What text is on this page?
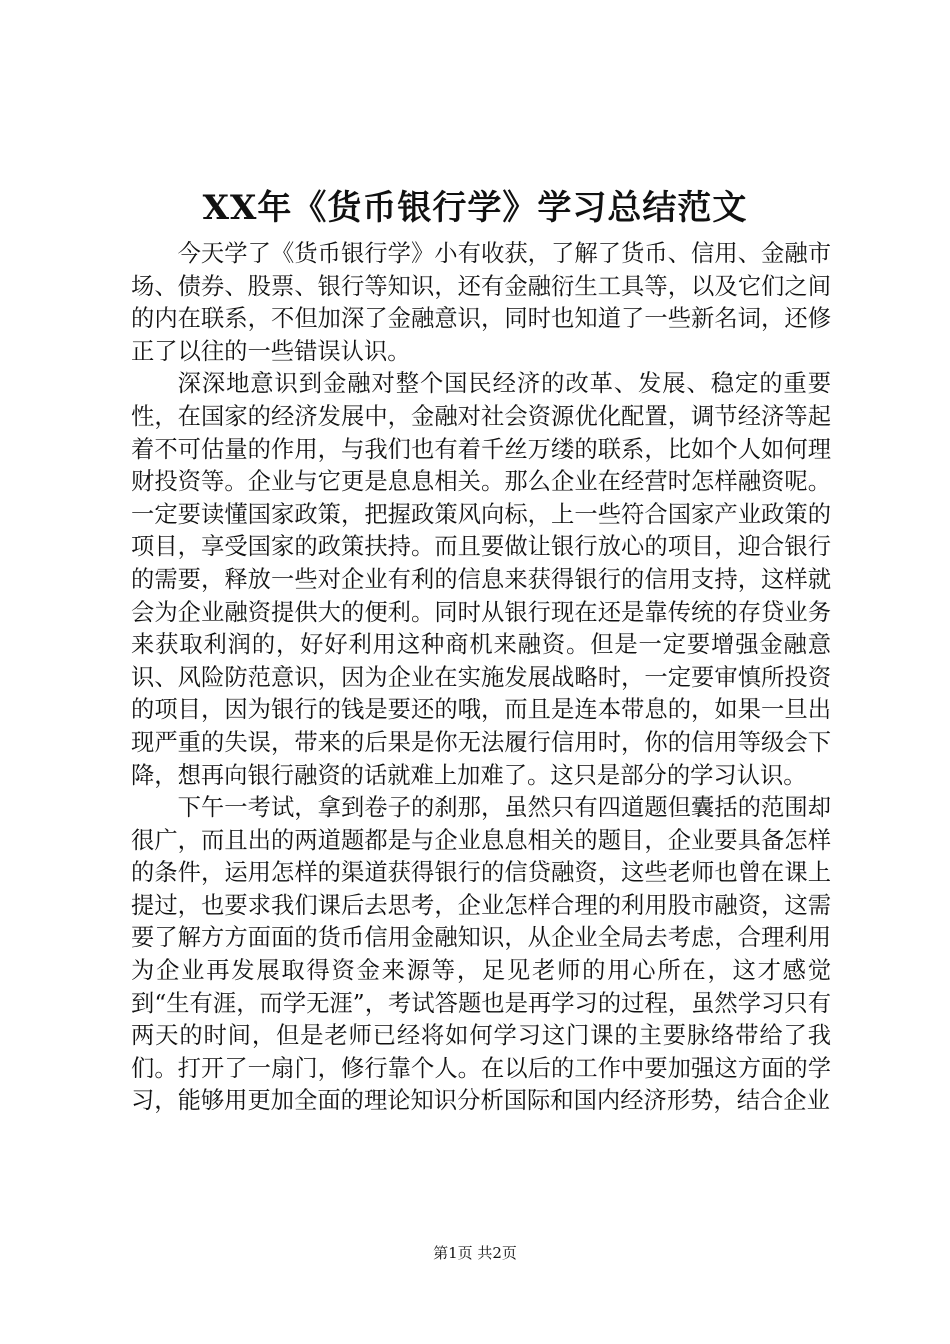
XX年《货币银行学》学习总结范文

今天学了《货币银行学》小有收获，了解了货币、信用、金融市场、债券、股票、银行等知识，还有金融衍生工具等，以及它们之间的内在联系，不但加深了金融意识，同时也知道了一些新名词，还修正了以往的一些错误认识。

深深地意识到金融对整个国民经济的改革、发展、稳定的重要性，在国家的经济发展中，金融对社会资源优化配置，调节经济等起着不可估量的作用，与我们也有着千丝万缕的联系，比如个人如何理财投资等。企业与它更是息息相关。那么企业在经营时怎样融资呢。一定要读懂国家政策，把握政策风向标，上一些符合国家产业政策的项目，享受国家的政策扶持。而且要做让银行放心的项目，迎合银行的需要，释放一些对企业有利的信息来获得银行的信用支持，这样就会为企业融资提供大的便利。同时从银行现在还是靠传统的存贷业务来获取利润的，好好利用这种商机来融资。但是一定要增强金融意识、风险防范意识，因为企业在实施发展战略时，一定要审慎所投资的项目，因为银行的钱是要还的哦，而且是连本带息的，如果一旦出现严重的失误，带来的后果是你无法履行信用时，你的信用等级会下降，想再向银行融资的话就难上加难了。这只是部分的学习认识。

下午一考试，拿到卷子的刹那，虽然只有四道题但囊括的范围却很广，而且出的两道题都是与企业息息相关的题目，企业要具备怎样的条件，运用怎样的渠道获得银行的信贷融资，这些老师也曾在课上提过，也要求我们课后去思考，企业怎样合理的利用股市融资，这需要了解方方面面的货币信用金融知识，从企业全局去考虑，合理利用为企业再发展取得资金来源等，足见老师的用心所在，这才感觉到“生有涯，而学无涯”，考试答题也是再学习的过程，虽然学习只有两天的时间，但是老师已经将如何学习这门课的主要脉络带给了我们。打开了一扇门，修行靠个人。在以后的工作中要加强这方面的学习，能够用更加全面的理论知识分析国际和国内经济形势，结合企业

第1页 共2页
